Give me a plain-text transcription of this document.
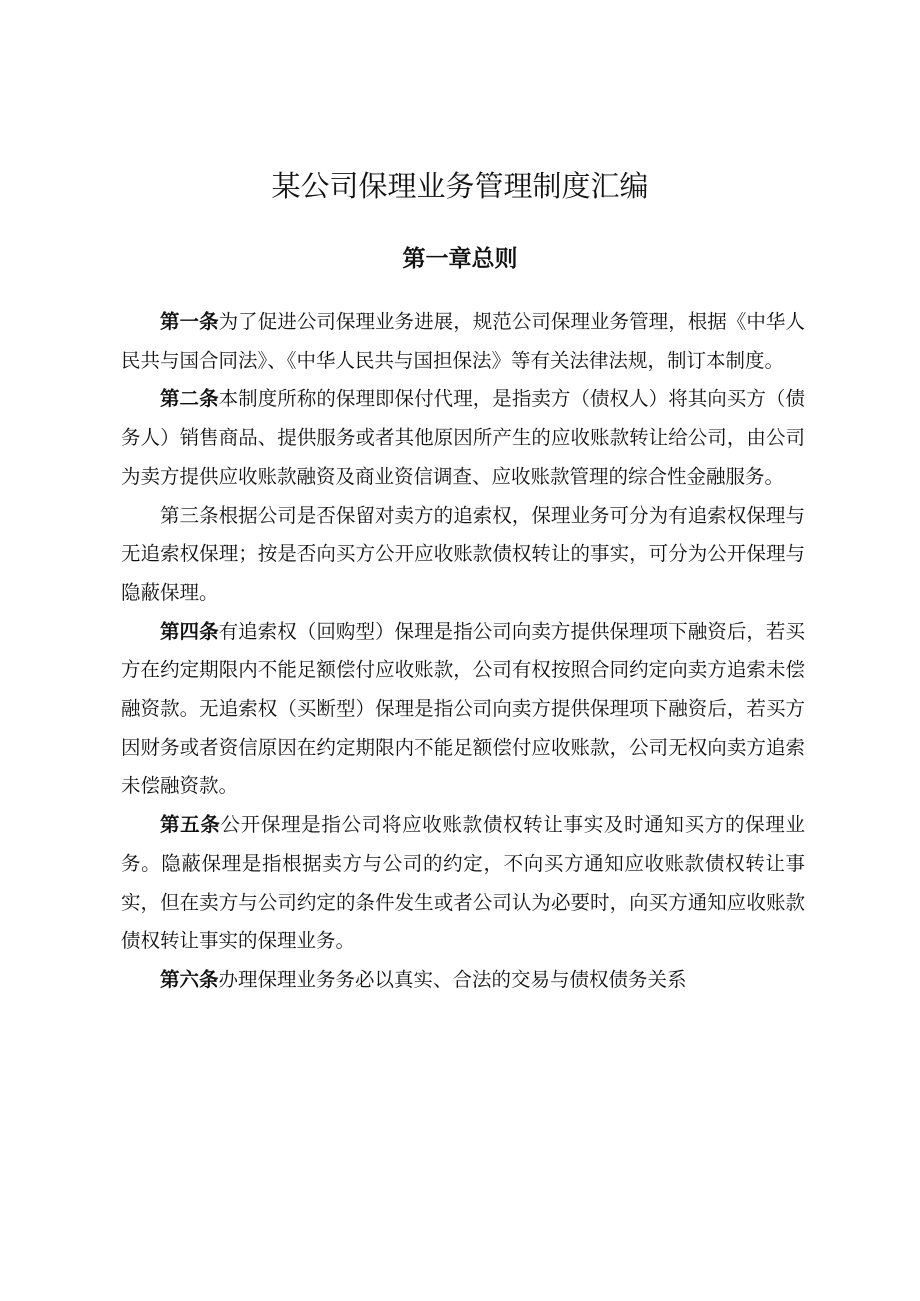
某公司保理业务管理制度汇编
第一章总则

第一条为了促进公司保理业务进展，规范公司保理业务管理，根据《中华人民共与国合同法》、《中华人民共与国担保法》等有关法律法规，制订本制度。

第二条本制度所称的保理即保付代理，是指卖方（债权人）将其向买方（债务人）销售商品、提供服务或者其他原因所产生的应收账款转让给公司，由公司为卖方提供应收账款融资及商业资信调查、应收账款管理的综合性金融服务。

第三条根据公司是否保留对卖方的追索权，保理业务可分为有追索权保理与无追索权保理；按是否向买方公开应收账款债权转让的事实，可分为公开保理与隐蔽保理。

第四条有追索权（回购型）保理是指公司向卖方提供保理项下融资后，若买方在约定期限内不能足额偿付应收账款，公司有权按照合同约定向卖方追索未偿融资款。无追索权（买断型）保理是指公司向卖方提供保理项下融资后，若买方因财务或者资信原因在约定期限内不能足额偿付应收账款，公司无权向卖方追索未偿融资款。

第五条公开保理是指公司将应收账款债权转让事实及时通知买方的保理业务。隐蔽保理是指根据卖方与公司的约定，不向买方通知应收账款债权转让事实，但在卖方与公司约定的条件发生或者公司认为必要时，向买方通知应收账款债权转让事实的保理业务。

第六条办理保理业务务必以真实、合法的交易与债权债务关系
